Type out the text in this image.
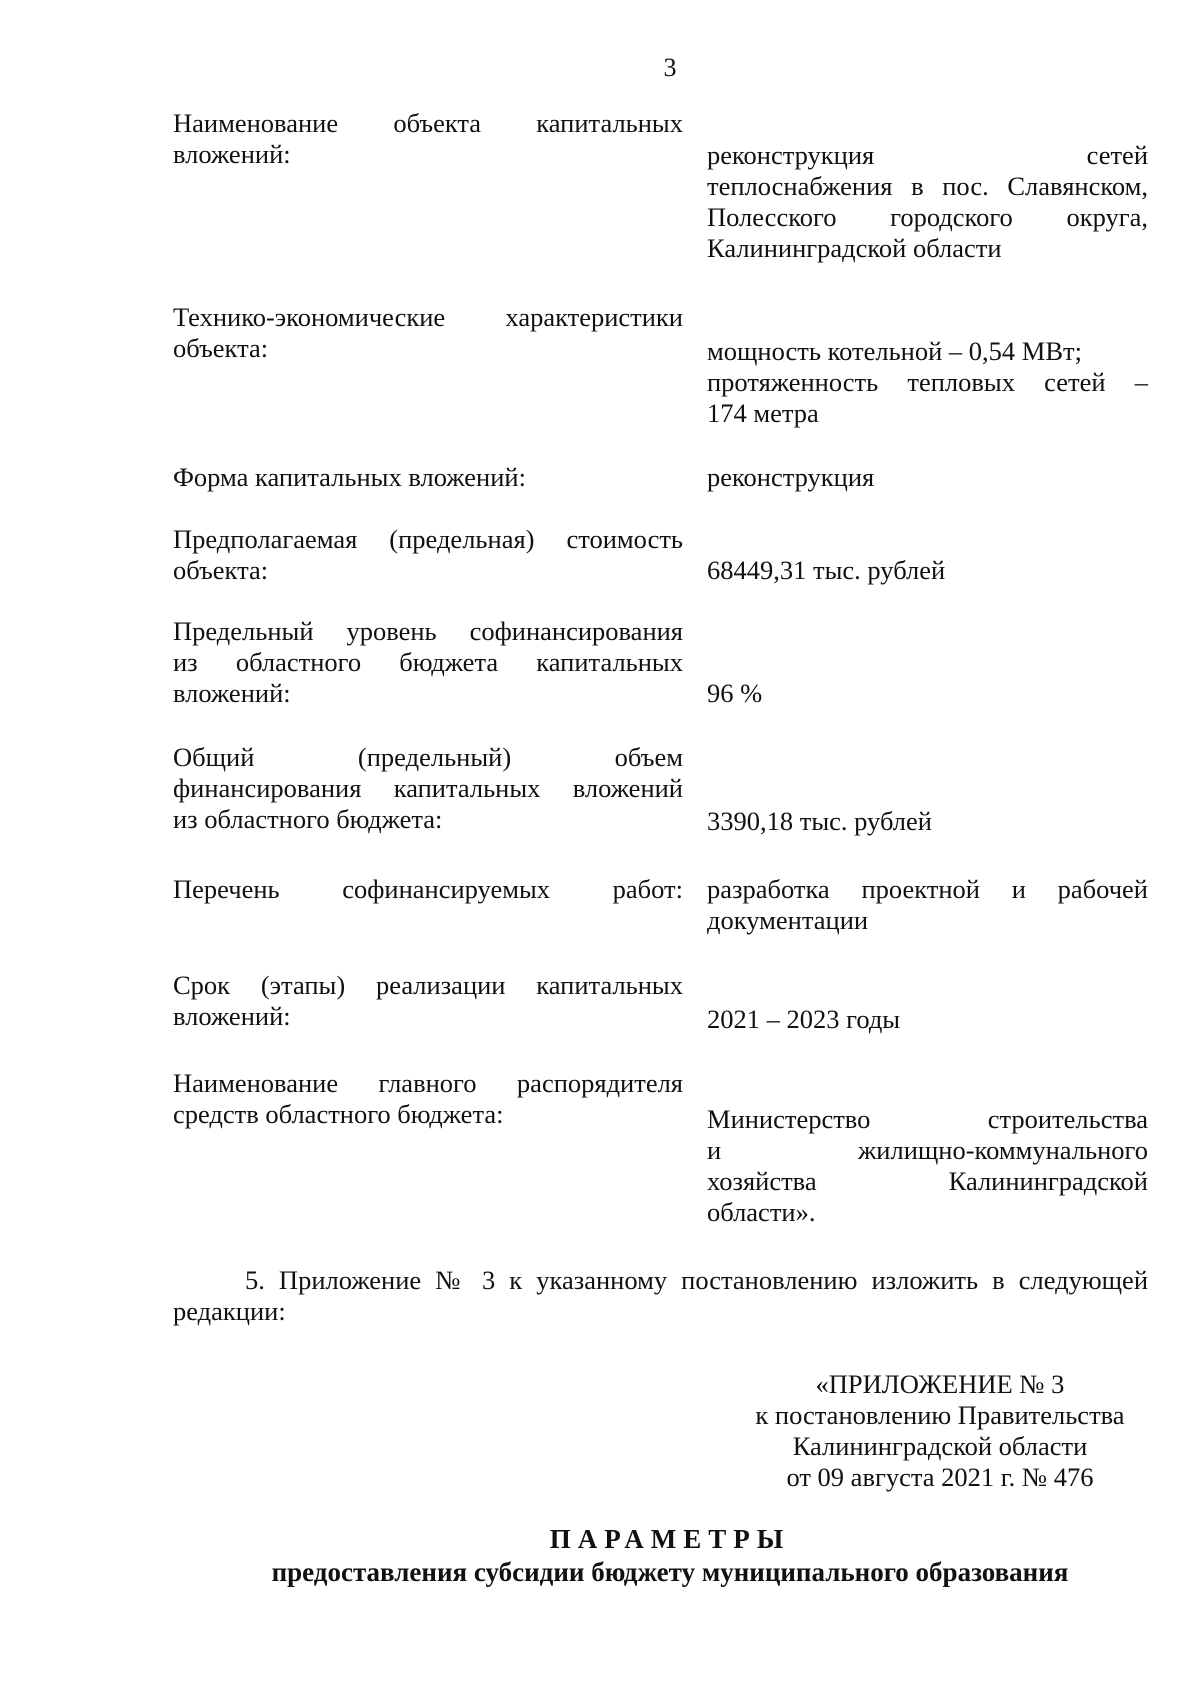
3
Наименование объекта капитальных
вложений:	реконструкция сетей
теплоснабжения в пос. Славянском,
Полесского городского округа,
Калининградской области
Технико-экономические характеристики
объекта:	мощность котельной – 0,54 МВт;
протяженность тепловых сетей –
174 метра
Форма капитальных вложений:	реконструкция
Предполагаемая (предельная) стоимость
объекта:	68449,31 тыс. рублей
Предельный уровень софинансирования
из областного бюджета капитальных
вложений:	96 %
Общий (предельный) объем
финансирования капитальных вложений
из областного бюджета:	3390,18 тыс. рублей
Перечень софинансируемых работ: разработка проектной и рабочей
документации
Срок (этапы) реализации капитальных
вложений:	2021 – 2023 годы
Наименование главного распорядителя
средств областного бюджета:	Министерство строительства
и жилищно-коммунального
хозяйства Калининградской
области».
5. Приложение № 3 к указанному постановлению изложить в следующей
редакции:
«ПРИЛОЖЕНИЕ № 3
к постановлению Правительства
Калининградской области
от 09 августа 2021 г. № 476
ПАРАМЕТРЫ
предоставления субсидии бюджету муниципального образования
